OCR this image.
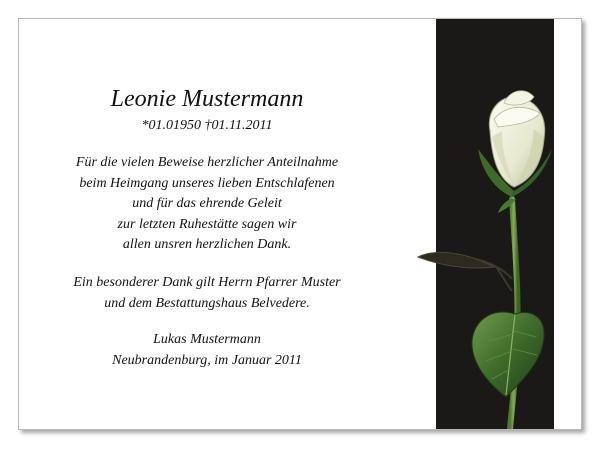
Leonie Mustermann
*01.01950 †01.11.2011
Für die vielen Beweise herzlicher Anteilnahme
beim Heimgang unseres lieben Entschlafenen
und für das ehrende Geleit
zur letzten Ruhestätte sagen wir
allen unsren herzlichen Dank.
Ein besonderer Dank gilt Herrn Pfarrer Muster
und dem Bestattungshaus Belvedere.
Lukas Mustermann
Neubrandenburg, im Januar 2011
